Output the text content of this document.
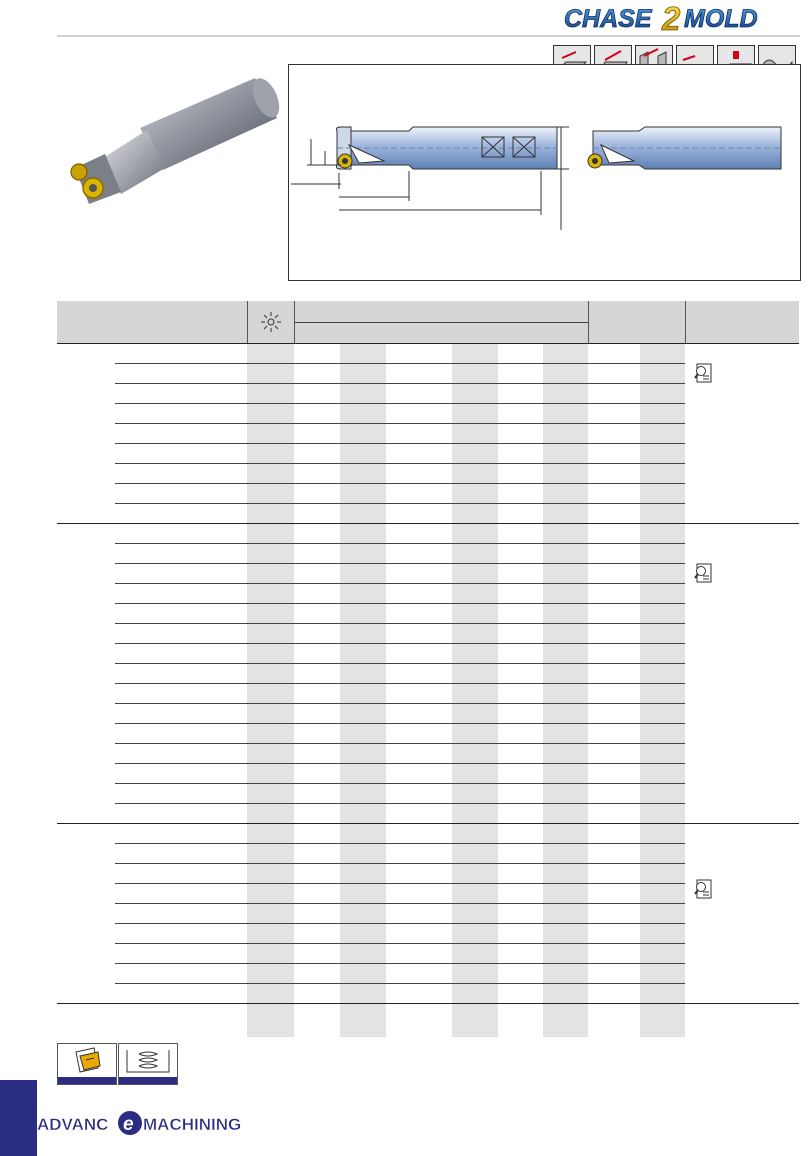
CHASE 2 MOLD
ADVANC e MACHINING
